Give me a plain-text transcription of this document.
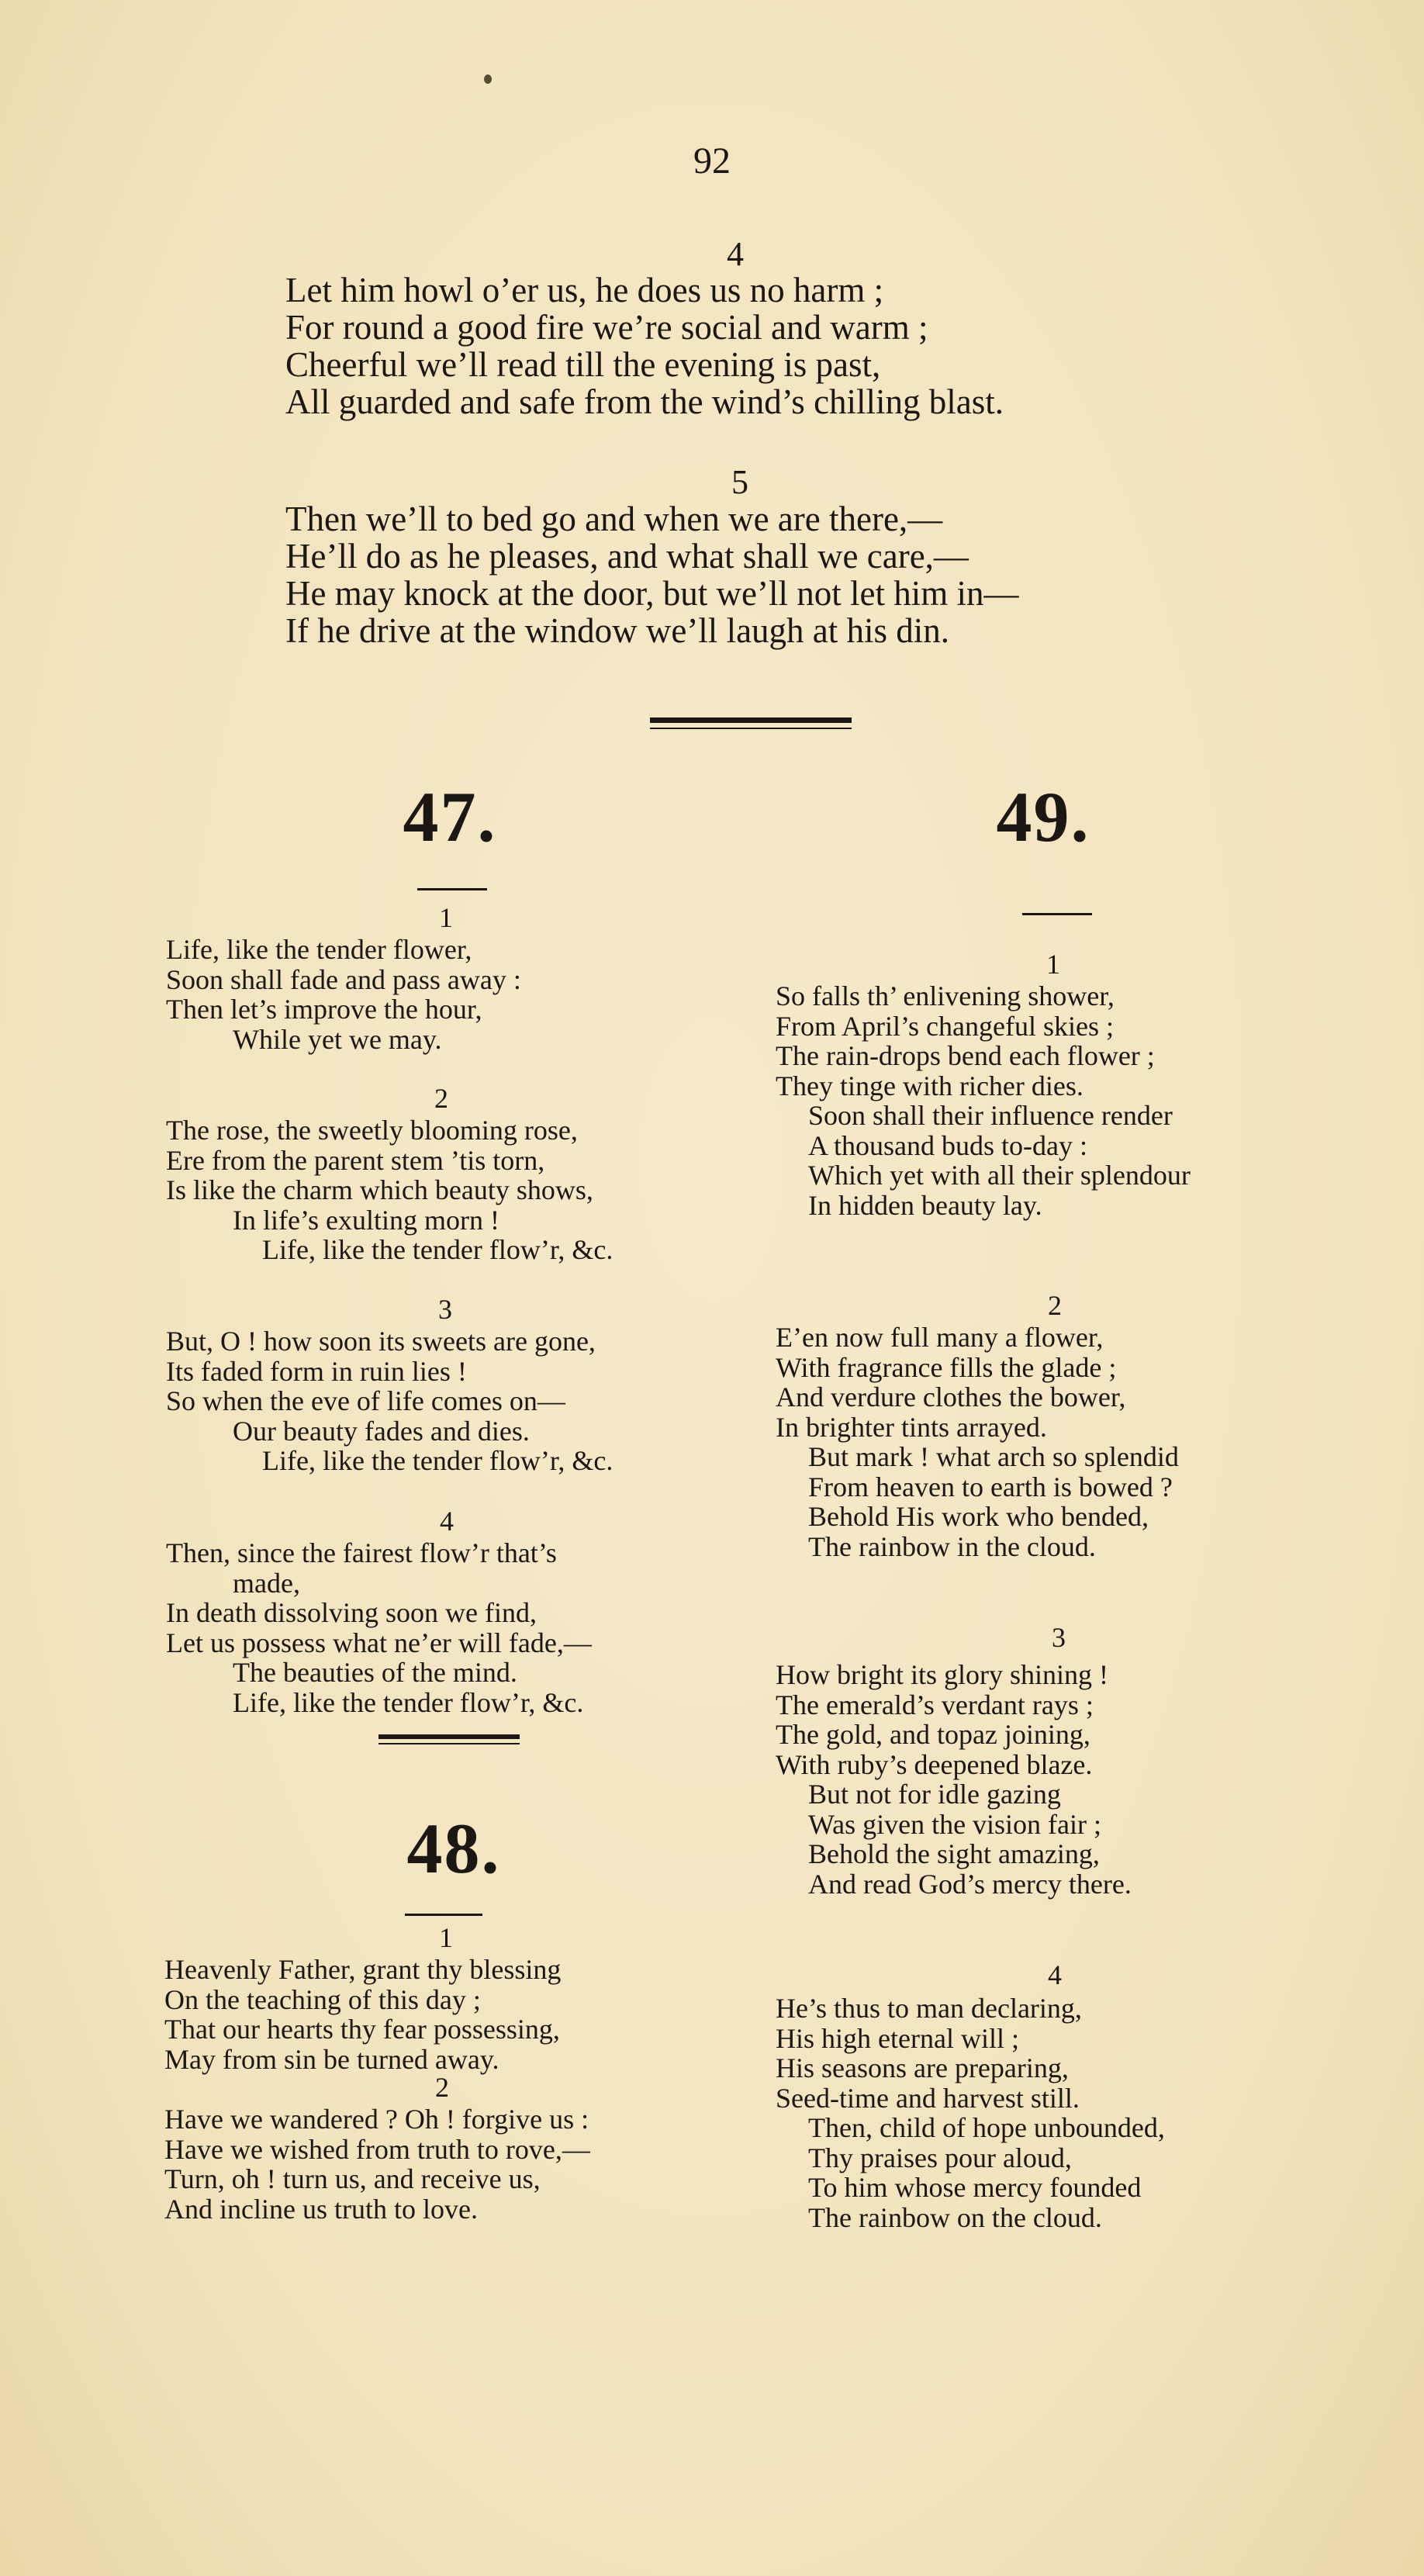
92
4
Let him howl o’er us, he does us no harm ;
For round a good fire we’re social and warm ;
Cheerful we’ll read till the evening is past,
All guarded and safe from the wind’s chilling blast.
5
Then we’ll to bed go and when we are there,—
He’ll do as he pleases, and what shall we care,—
He may knock at the door, but we’ll not let him in—
If he drive at the window we’ll laugh at his din.
47.
1
Life, like the tender flower,
Soon shall fade and pass away :
Then let’s improve the hour,
While yet we may.
2
The rose, the sweetly blooming rose,
Ere from the parent stem ’tis torn,
Is like the charm which beauty shows,
In life’s exulting morn !
Life, like the tender flow’r, &c.
3
But, O ! how soon its sweets are gone,
Its faded form in ruin lies !
So when the eve of life comes on—
Our beauty fades and dies.
Life, like the tender flow’r, &c.
4
Then, since the fairest flow’r that’s
made,
In death dissolving soon we find,
Let us possess what ne’er will fade,—
The beauties of the mind.
Life, like the tender flow’r, &c.
48.
1
Heavenly Father, grant thy blessing
On the teaching of this day ;
That our hearts thy fear possessing,
May from sin be turned away.
2
Have we wandered ? Oh ! forgive us :
Have we wished from truth to rove,—
Turn, oh ! turn us, and receive us,
And incline us truth to love.
49.
1
So falls th’ enlivening shower,
From April’s changeful skies ;
The rain-drops bend each flower ;
They tinge with richer dies.
Soon shall their influence render
A thousand buds to-day :
Which yet with all their splendour
In hidden beauty lay.
2
E’en now full many a flower,
With fragrance fills the glade ;
And verdure clothes the bower,
In brighter tints arrayed.
But mark ! what arch so splendid
From heaven to earth is bowed ?
Behold His work who bended,
The rainbow in the cloud.
3
How bright its glory shining !
The emerald’s verdant rays ;
The gold, and topaz joining,
With ruby’s deepened blaze.
But not for idle gazing
Was given the vision fair ;
Behold the sight amazing,
And read God’s mercy there.
4
He’s thus to man declaring,
His high eternal will ;
His seasons are preparing,
Seed-time and harvest still.
Then, child of hope unbounded,
Thy praises pour aloud,
To him whose mercy founded
The rainbow on the cloud.
